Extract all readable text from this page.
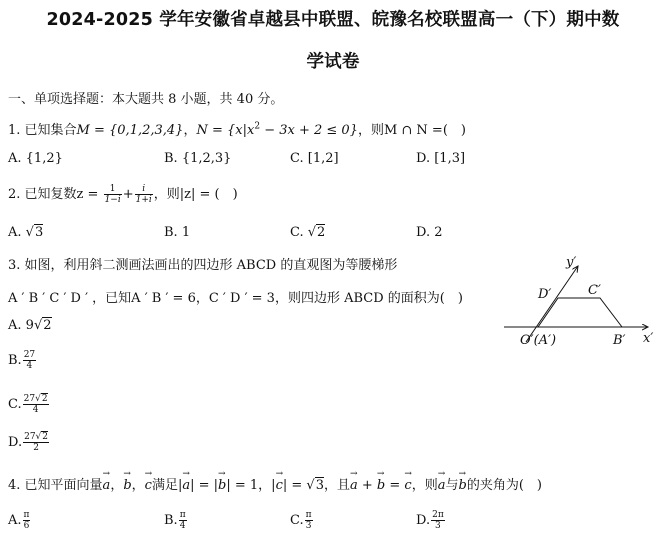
2024-2025 学年安徽省卓越县中联盟、皖豫名校联盟高一（下）期中数
学试卷
一、单项选择题：本大题共 8 小题，共 40 分。
1. 已知集合M = {0,1,2,3,4}，$N = \{x|x^2 - 3x + 2 \le 0\}$，则M ∩ N =(　)
A. {1,2}	B. {1,2,3}	C. [1,2]	D. [1,3]
2. 已知复数$z = \frac{1}{1-i} + \frac{i}{1+i}$ ，则|z| = (　)
A. √3	B. 1	C. √2	D. 2
3. 如图，利用斜二测画法画出的四边形 ABCD 的直观图为等腰梯形
A ′ B ′ C ′ D ′ ，已知A ′ B ′ = 6，C ′ D ′ = 3，则四边形 ABCD 的面积为(　)
A. 9√2
B. $\frac{27}{4}$
C. $\frac{27√2}{4}$
D. $\frac{27√2}{2}$
y′
x′
D′	C′
O′(A′)	B′
4. 已知平面向量→ a，→ b，→ c满足|→ a| = |→ b| = 1，|→ c| = √3，且→ a + → b = → c，则→ a与→ b的夹角为(　)
A. $\frac{\pi}{6}$	B. $\frac{\pi}{4}$	C. $\frac{\pi}{3}$	D. $\frac{2\pi}{3}$
